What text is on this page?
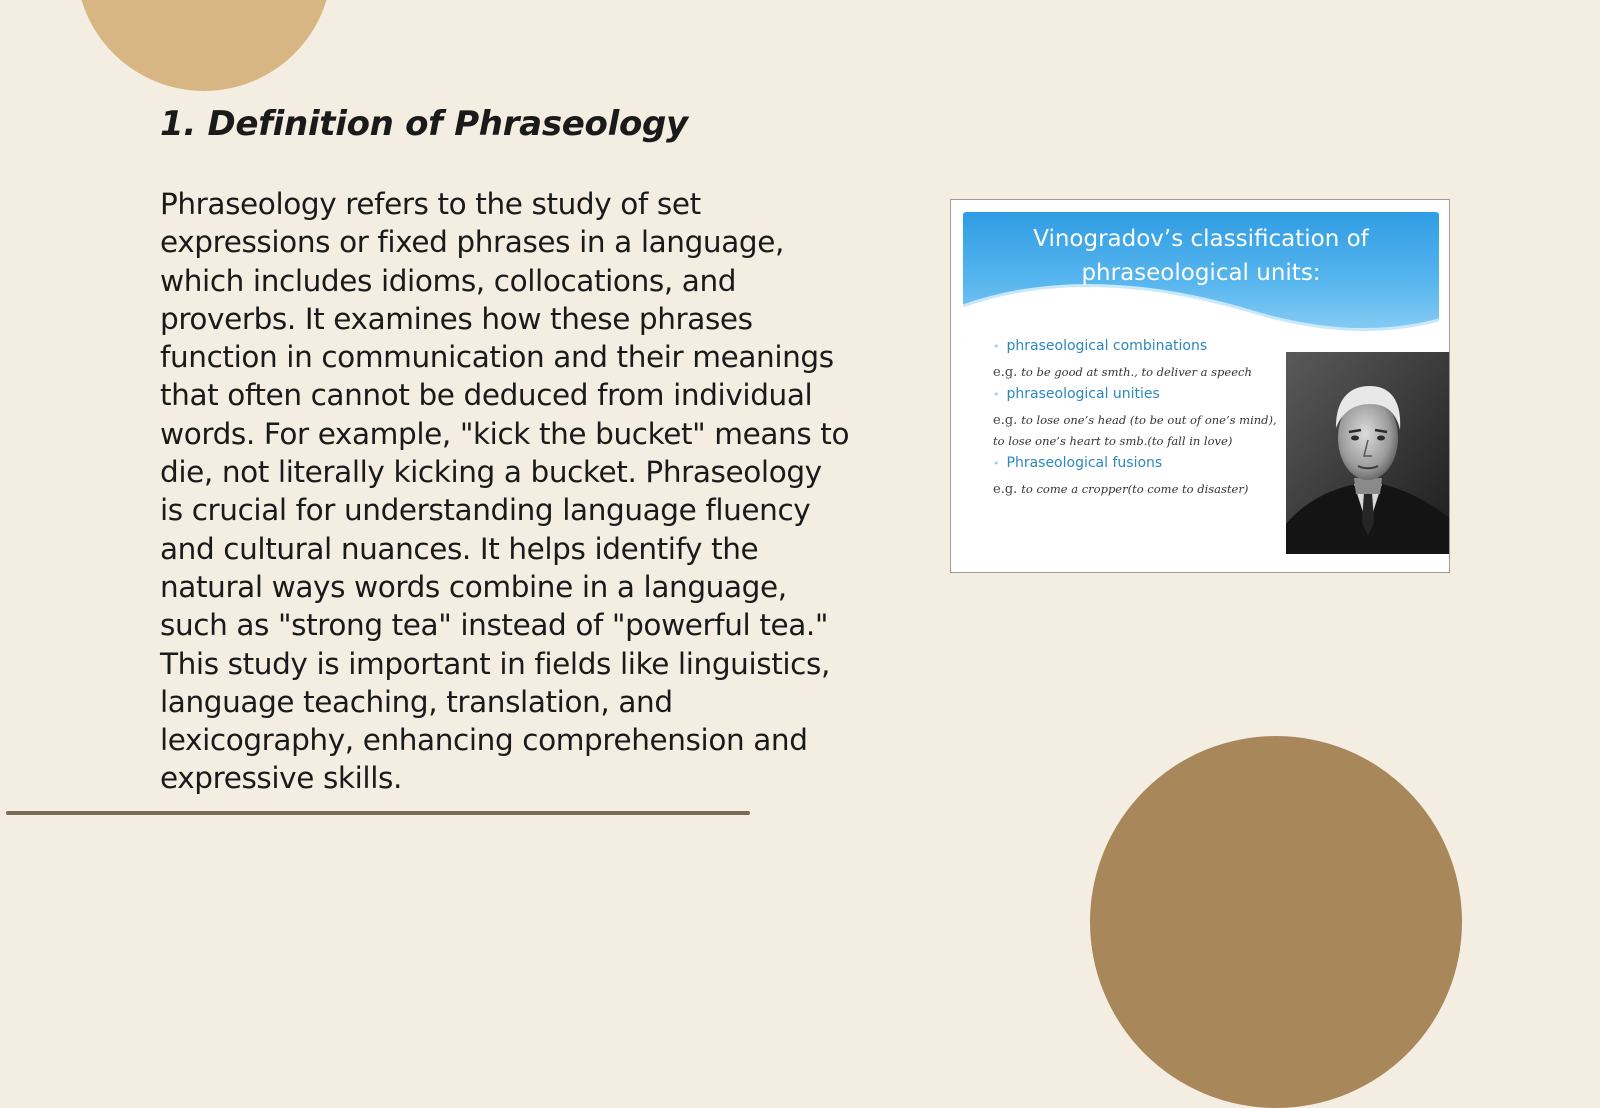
1. Definition of Phraseology

Phraseology refers to the study of set expressions or fixed phrases in a language, which includes idioms, collocations, and proverbs. It examines how these phrases function in communication and their meanings that often cannot be deduced from individual words. For example, "kick the bucket" means to die, not literally kicking a bucket. Phraseology is crucial for understanding language fluency and cultural nuances. It helps identify the natural ways words combine in a language, such as "strong tea" instead of "powerful tea." This study is important in fields like linguistics, language teaching, translation, and lexicography, enhancing comprehension and expressive skills.

Vinogradov’s classification of
phraseological units:
• phraseological combinations
e.g. to be good at smth., to deliver a speech
• phraseological unities
e.g. to lose one’s head (to be out of one’s mind),
to lose one’s heart to smb.(to fall in love)
• Phraseological fusions
e.g. to come a cropper(to come to disaster)
